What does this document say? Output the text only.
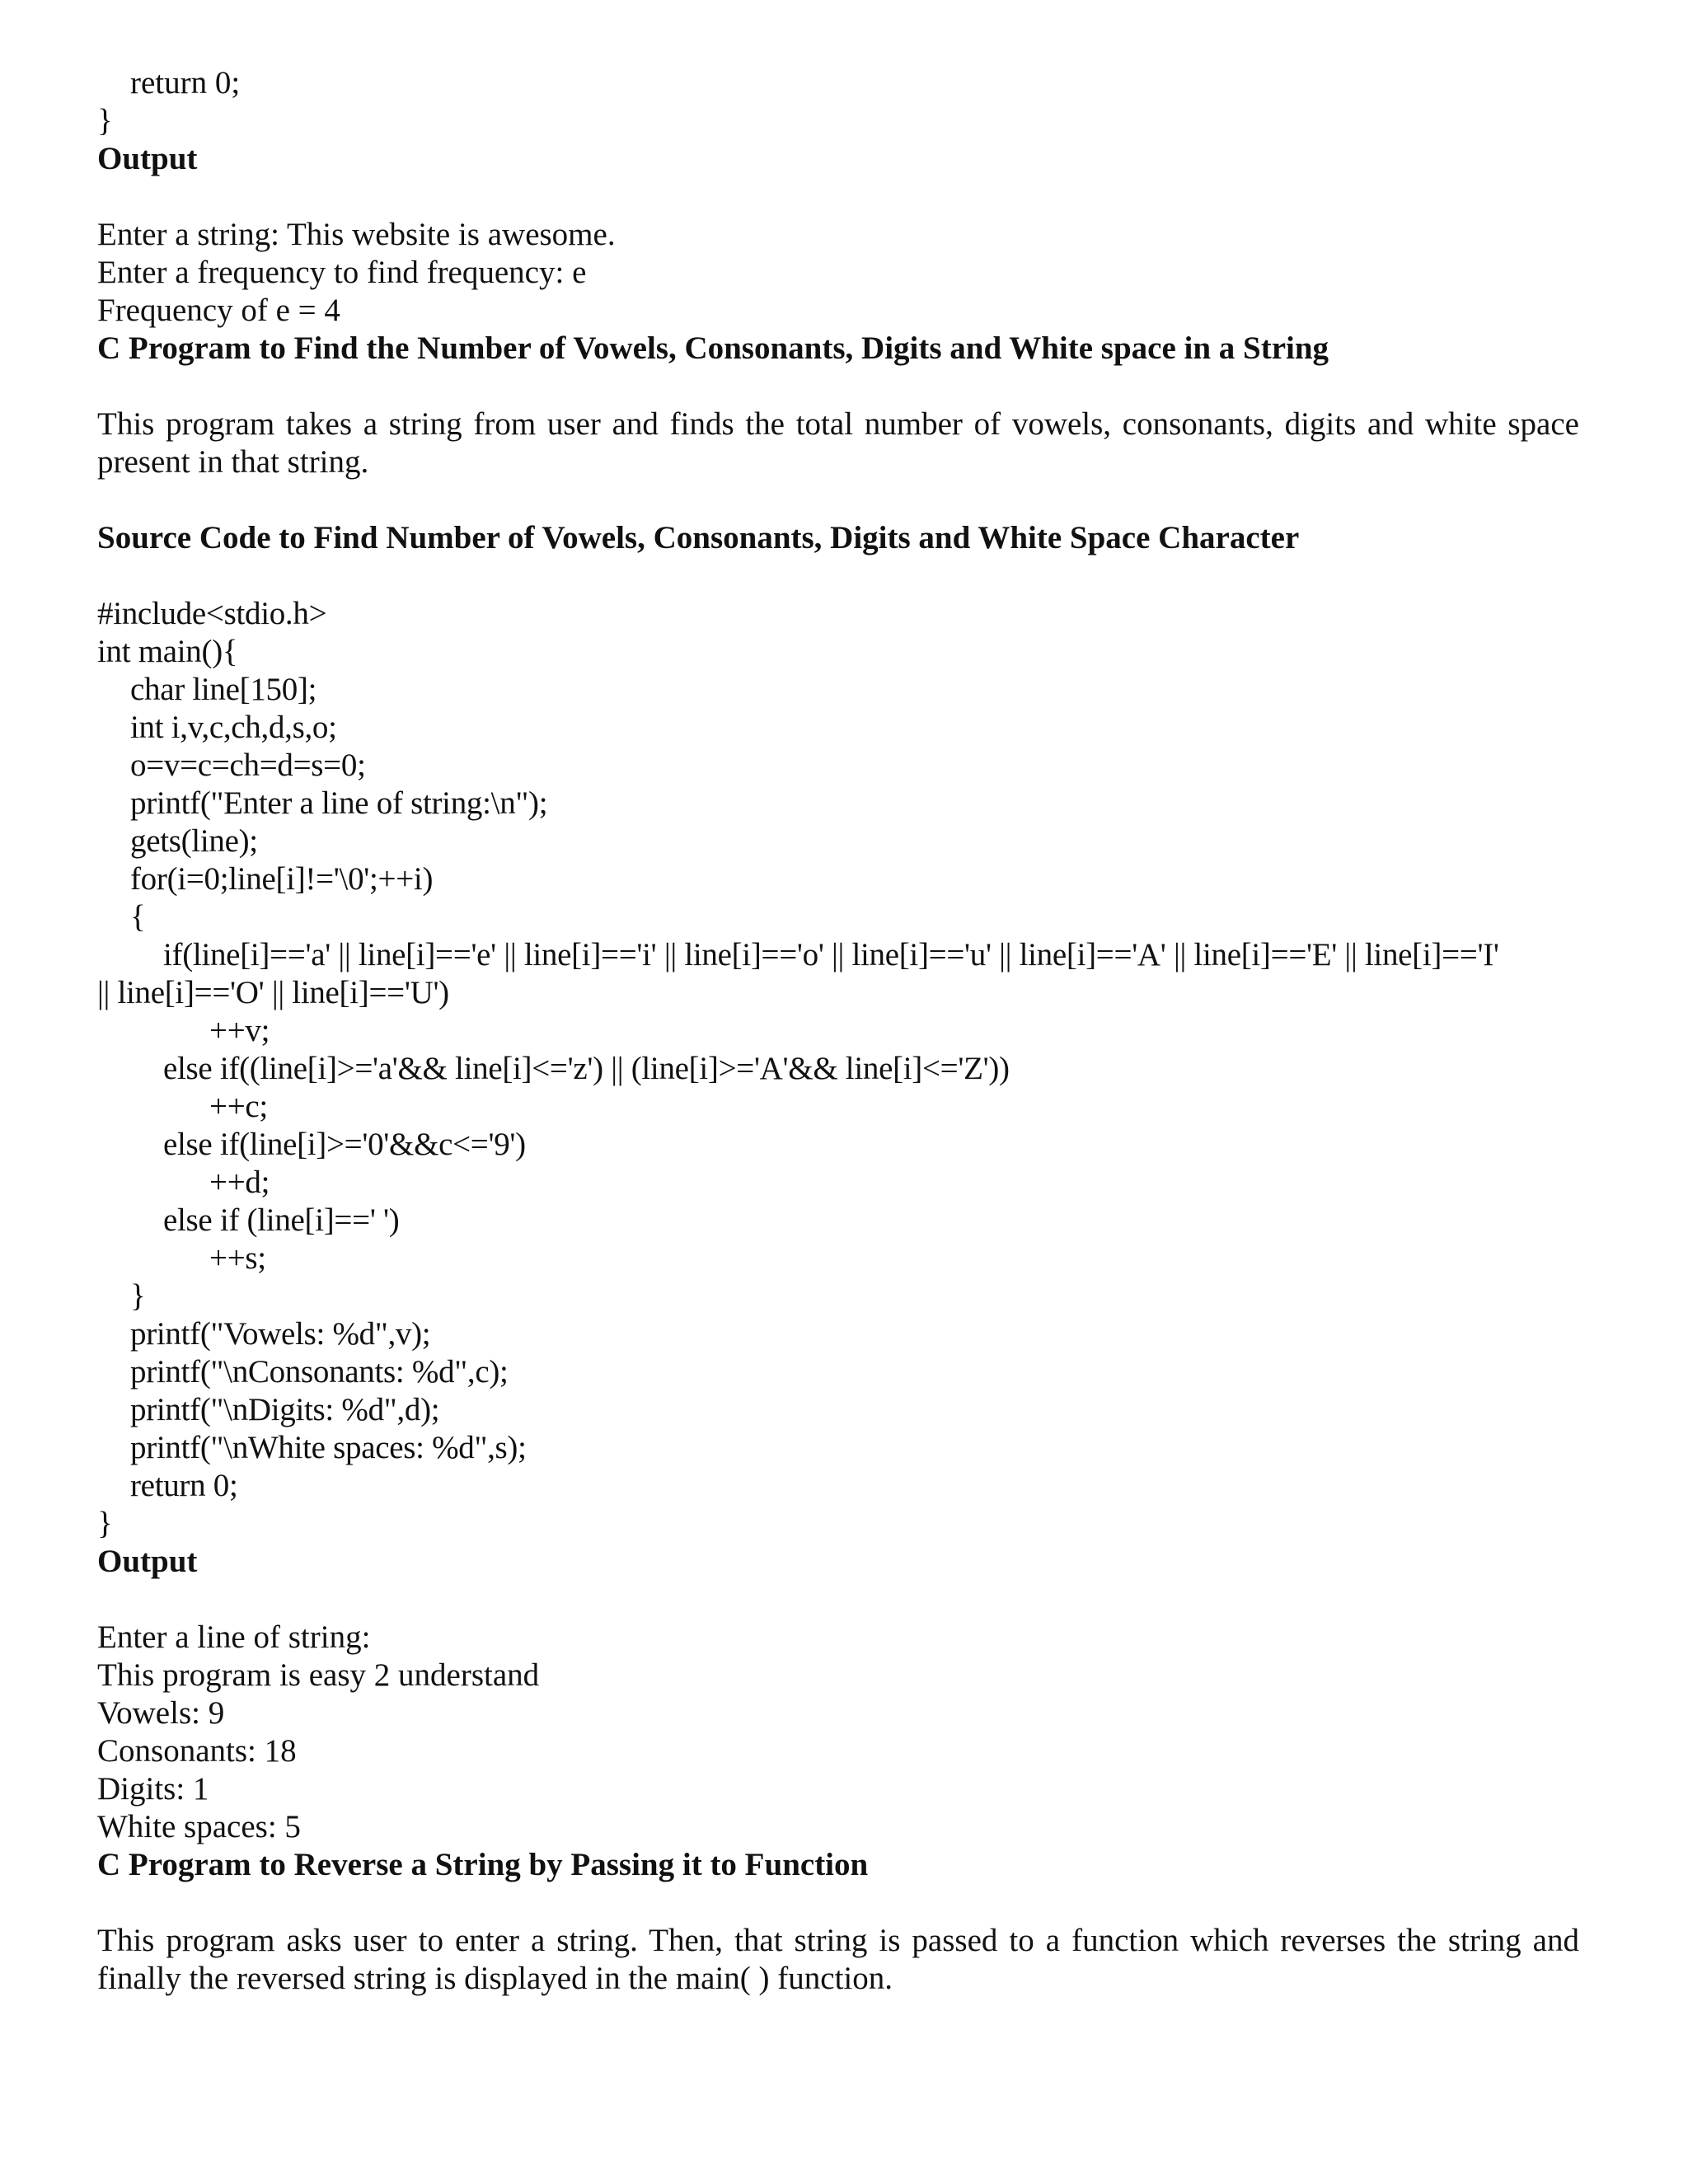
return 0;
}
Output
Enter a string: This website is awesome.
Enter a frequency to find frequency: e
Frequency of e = 4
C Program to Find the Number of Vowels, Consonants, Digits and White space in a String
This program takes a string from user and finds the total number of vowels, consonants, digits and white space present in that string.
Source Code to Find Number of Vowels, Consonants, Digits and White Space Character
#include<stdio.h>
int main(){
char line[150];
int i,v,c,ch,d,s,o;
o=v=c=ch=d=s=0;
printf("Enter a line of string:\n");
gets(line);
for(i=0;line[i]!='\0';++i)
{
if(line[i]=='a' || line[i]=='e' || line[i]=='i' || line[i]=='o' || line[i]=='u' || line[i]=='A' || line[i]=='E' || line[i]=='I'
|| line[i]=='O' || line[i]=='U')
++v;
else if((line[i]>='a'&& line[i]<='z') || (line[i]>='A'&& line[i]<='Z'))
++c;
else if(line[i]>='0'&&c<='9')
++d;
else if (line[i]==' ')
++s;
}
printf("Vowels: %d",v);
printf("\nConsonants: %d",c);
printf("\nDigits: %d",d);
printf("\nWhite spaces: %d",s);
return 0;
}
Output
Enter a line of string:
This program is easy 2 understand
Vowels: 9
Consonants: 18
Digits: 1
White spaces: 5
C Program to Reverse a String by Passing it to Function
This program asks user to enter a string. Then, that string is passed to a function which reverses the string and finally the reversed string is displayed in the main( ) function.
